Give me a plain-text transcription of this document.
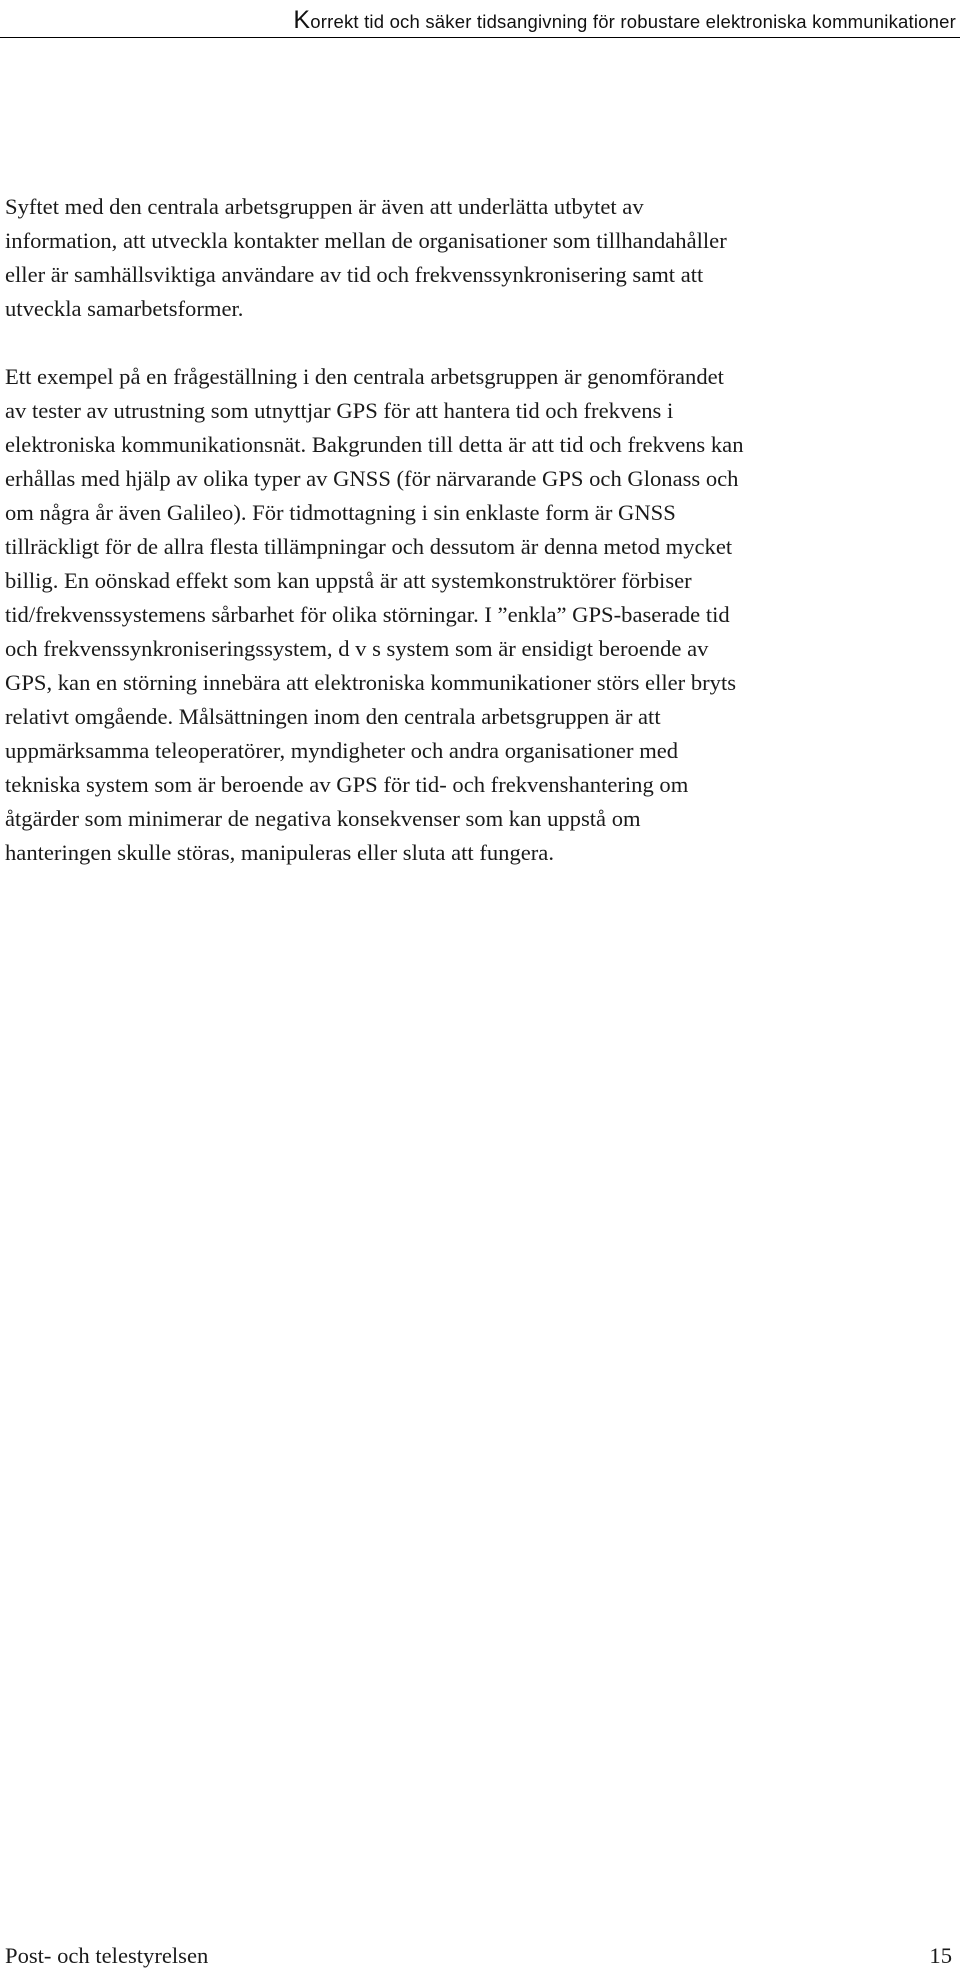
Korrekt tid och säker tidsangivning för robustare elektroniska kommunikationer

Syftet med den centrala arbetsgruppen är även att underlätta utbytet av
information, att utveckla kontakter mellan de organisationer som tillhandahåller
eller är samhällsviktiga användare av tid och frekvenssynkronisering samt att
utveckla samarbetsformer.

Ett exempel på en frågeställning i den centrala arbetsgruppen är genomförandet
av tester av utrustning som utnyttjar GPS för att hantera tid och frekvens i
elektroniska kommunikationsnät. Bakgrunden till detta är att tid och frekvens kan
erhållas med hjälp av olika typer av GNSS (för närvarande GPS och Glonass och
om några år även Galileo). För tidmottagning i sin enklaste form är GNSS
tillräckligt för de allra flesta tillämpningar och dessutom är denna metod mycket
billig. En oönskad effekt som kan uppstå är att systemkonstruktörer förbiser
tid/frekvenssystemens sårbarhet för olika störningar. I ”enkla” GPS-baserade tid
och frekvenssynkroniseringssystem, d v s system som är ensidigt beroende av
GPS, kan en störning innebära att elektroniska kommunikationer störs eller bryts
relativt omgående. Målsättningen inom den centrala arbetsgruppen är att
uppmärksamma teleoperatörer, myndigheter och andra organisationer med
tekniska system som är beroende av GPS för tid- och frekvenshantering om
åtgärder som minimerar de negativa konsekvenser som kan uppstå om
hanteringen skulle störas, manipuleras eller sluta att fungera.

Post- och telestyrelsen	15
